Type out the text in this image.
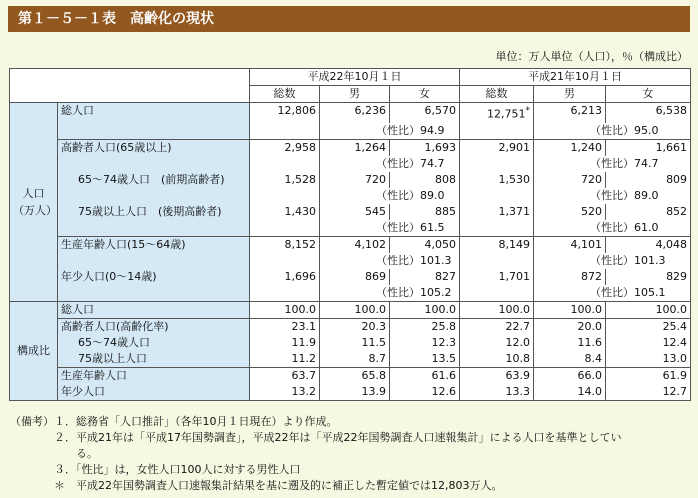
第１－５－１表　高齢化の現状
単位：万人単位（人口），％（構成比）
		平成22年10月１日			平成21年10月１日		
		総数	男	女	総数	男	女
人口
（万人）	総人口	12,806	6,236	6,570	12,751*	6,213	6,538
			（性比）94.9			（性比）95.0	
	高齢者人口(65歳以上)	2,958	1,264	1,693	2,901	1,240	1,661
			（性比）74.7			（性比）74.7	
	65～74歳人口　(前期高齢者)	1,528	720	808	1,530	720	809
			（性比）89.0			（性比）89.0	
	75歳以上人口　(後期高齢者)	1,430	545	885	1,371	520	852
			（性比）61.5			（性比）61.0	
	生産年齢人口(15～64歳)	8,152	4,102	4,050	8,149	4,101	4,048
			（性比）101.3			（性比）101.3	
	年少人口(0～14歳)	1,696	869	827	1,701	872	829
			（性比）105.2			（性比）105.1	
構成比	総人口	100.0	100.0	100.0	100.0	100.0	100.0
	高齢者人口(高齢化率)	23.1	20.3	25.8	22.7	20.0	25.4
	65～74歳人口	11.9	11.5	12.3	12.0	11.6	12.4
	75歳以上人口	11.2	8.7	13.5	10.8	8.4	13.0
	生産年齢人口	63.7	65.8	61.6	63.9	66.0	61.9
	年少人口	13.2	13.9	12.6	13.3	14.0	12.7
（備考）１．総務省「人口推計」（各年10月１日現在）より作成。
　　　　２．平成21年は「平成17年国勢調査」，平成22年は「平成22年国勢調査人口速報集計」による人口を基準としてい
　　　　　　る。
　　　　３．「性比」は，女性人口100人に対する男性人口
　　　　＊　平成22年国勢調査人口速報集計結果を基に遡及的に補正した暫定値では12,803万人。
